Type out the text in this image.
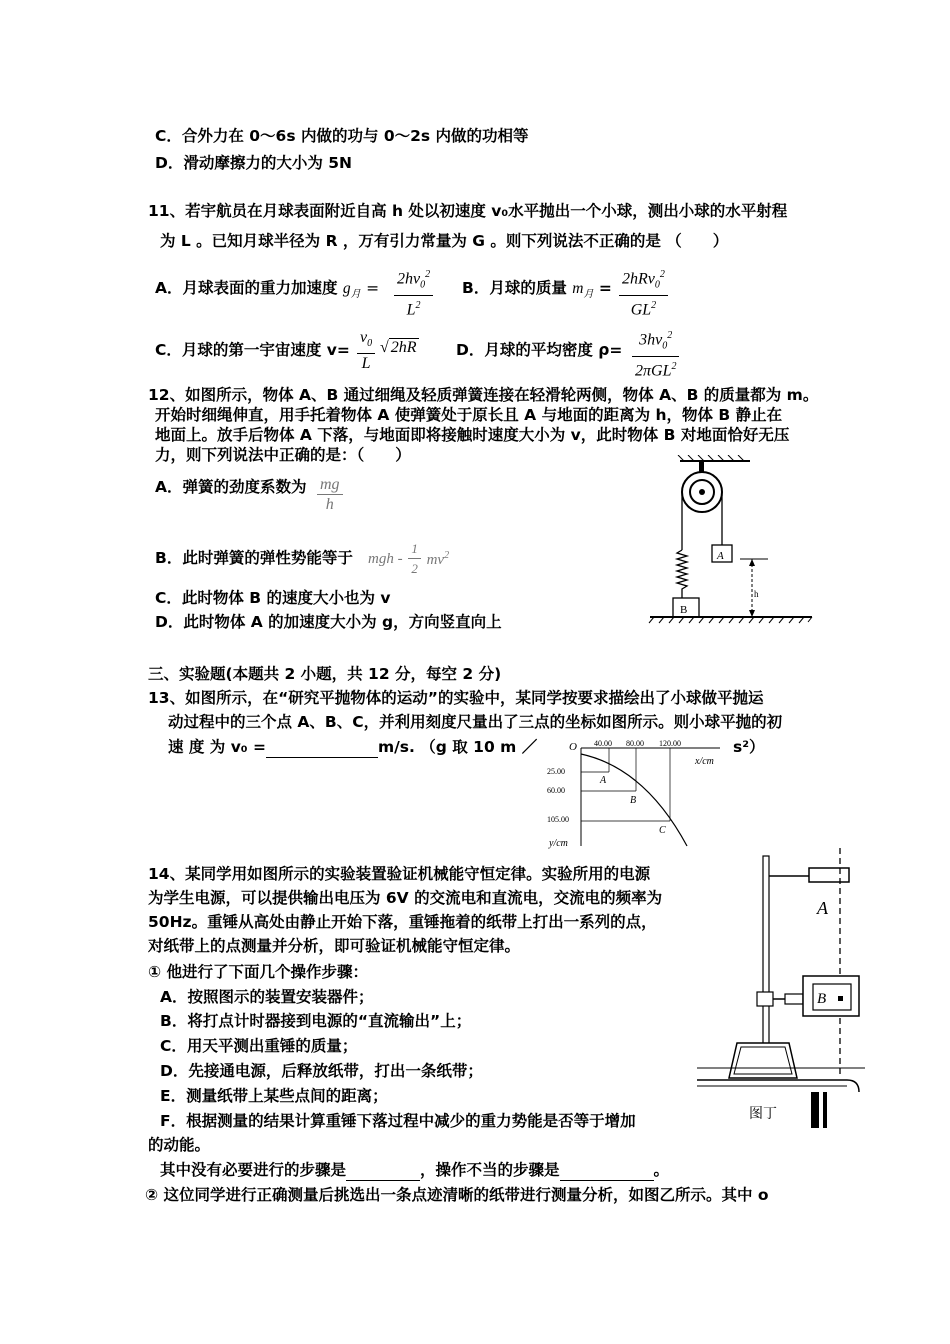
C．合外力在 0～6s 内做的功与 0～2s 内做的功相等
D．滑动摩擦力的大小为 5N
11、若宇航员在月球表面附近自高 h 处以初速度 v₀水平抛出一个小球，测出小球的水平射程
为 L 。已知月球半径为 R ，万有引力常量为 G 。则下列说法不正确的是 （　　）
A．月球表面的重力加速度 $g_月 = \frac{2hv_0^2}{L^2}$ B．月球的质量 $m_月$ =
2hRv$_0^2$
$GL^2$
C．月球的第一宇宙速度 $v= \frac{v_0}{L}$ √ 2hR	D．月球的平均密度 ρ=
$3hv_0^2$
2πGL$^2$
12、如图所示，物体 A、B 通过细绳及轻质弹簧连接在轻滑轮两侧，物体 A、B 的质量都为 m。
开始时细绳伸直，用手托着物体 A 使弹簧处于原长且 A 与地面的距离为 h，物体 B 静止在
地面上。放手后物体 A 下落，与地面即将接触时速度大小为 v，此时物体 B 对地面恰好无压
力，则下列说法中正确的是：（　　）
A．弹簧的劲度系数为 $\frac{mg}{h}$
B．此时弹簧的弹性势能等于 mgh - $\frac{1}{2} mv^2$
C．此时物体 B 的速度大小也为 v
D．此时物体 A 的加速度大小为 g，方向竖直向上
B
A
h
三、实验题(本题共 2 小题，共 12 分，每空 2 分)
13、如图所示，在“研究平抛物体的运动”的实验中，某同学按要求描绘出了小球做平抛运
动过程中的三个点 A、B、C，并利用刻度尺量出了三点的坐标如图所示。则小球平抛的初
速 度 为 v₀ =	m/s. （g 取 10 m ／	s²）
O 40.00 80.00 120.00
x/cm
25.00
60.00
105.00
y/cm
A
B
C
14、某同学用如图所示的实验装置验证机械能守恒定律。实验所用的电源
为学生电源，可以提供输出电压为 6V 的交流电和直流电，交流电的频率为
50Hz。重锤从高处由静止开始下落，重锤拖着的纸带上打出一系列的点，
对纸带上的点测量并分析，即可验证机械能守恒定律。
① 他进行了下面几个操作步骤：
A．按照图示的装置安装器件；
B．将打点计时器接到电源的“直流输出”上；
C．用天平测出重锤的质量；
D．先接通电源，后释放纸带，打出一条纸带；
E．测量纸带上某些点间的距离；
F．根据测量的结果计算重锤下落过程中减少的重力势能是否等于增加
的动能。
其中没有必要进行的步骤是	，操作不当的步骤是	。
② 这位同学进行正确测量后挑选出一条点迹清晰的纸带进行测量分析，如图乙所示。其中 o
A
B
图丁
